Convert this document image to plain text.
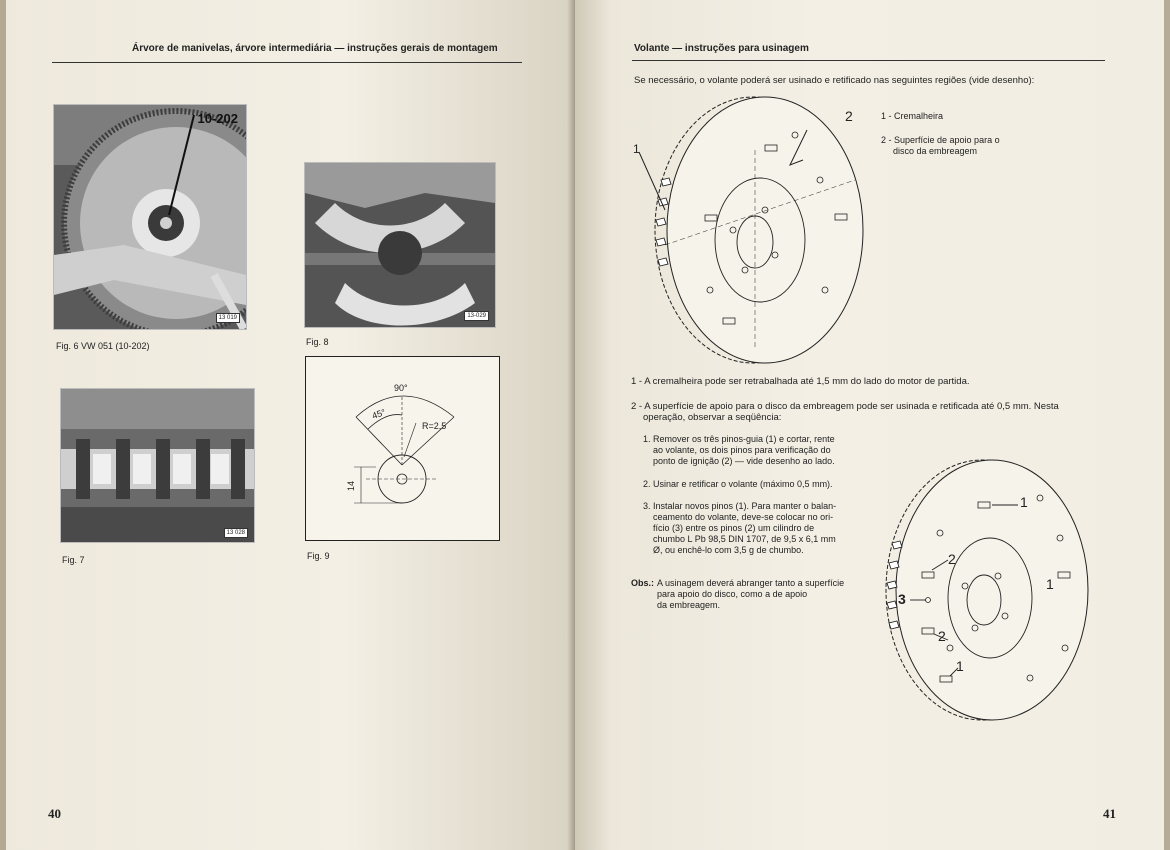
Árvore de manivelas, árvore intermediária — instruções gerais de montagem
10-202
13 019
Fig. 6 VW 051 (10-202)
13-029
Fig. 8
13 028
Fig. 7
90°
45°
R=2,5
14
Fig. 9
40
Volante — instruções para usinagem
Se necessário, o volante poderá ser usinado e retificado nas seguintes regiões (vide desenho):
2
1
1 - Cremalheira
2 - Superfície de apoio para o
disco da embreagem
1 - A cremalheira pode ser retrabalhada até 1,5 mm do lado do motor de partida.
2 - A superfície de apoio para o disco da embreagem pode ser usinada e retificada até 0,5 mm. Nesta
operação, observar a seqüência:
1. Remover os três pinos-guia (1) e cortar, rente
ao volante, os dois pinos para verificação do
ponto de ignição (2) — vide desenho ao lado.
2. Usinar e retificar o volante (máximo 0,5 mm).
3. Instalar novos pinos (1). Para manter o balan-
ceamento do volante, deve-se colocar no ori-
fício (3) entre os pinos (2) um cilindro de
chumbo L Pb 98,5 DIN 1707, de 9,5 x 6,1 mm
Ø, ou enchê-lo com 3,5 g de chumbo.
Obs.: A usinagem deverá abranger tanto a superfície
para apoio do disco, como a de apoio
da embreagem.
1
1
1
2
2
3
41
